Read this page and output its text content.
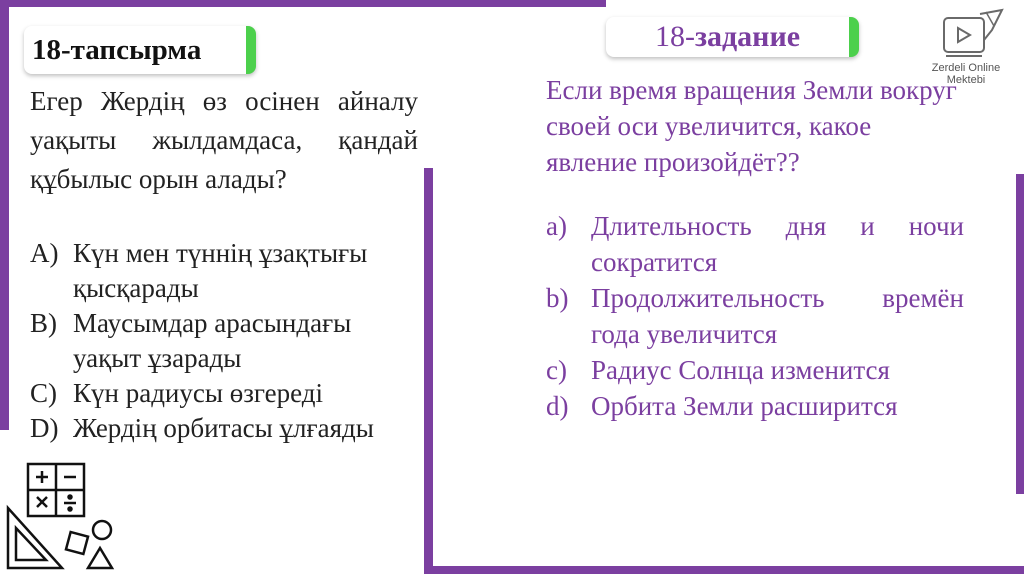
18-тапсырма	18-задание
Егер Жердің өз осінен айналу уақыты жылдамдаса, қандай құбылыс орын алады?
A) Күн мен түннің ұзақтығы қысқарады
B) Маусымдар арасындағы уақыт ұзарады
C) Күн радиусы өзгереді
D) Жердің орбитасы ұлғаяды
Если время вращения Земли вокруг своей оси увеличится, какое явление произойдёт??
a) Длительность дня и ночи сократится
b) Продолжительность времён года увеличится
c) Радиус Солнца изменится
d) Орбита Земли расширится
Zerdeli Online
Mektebi
